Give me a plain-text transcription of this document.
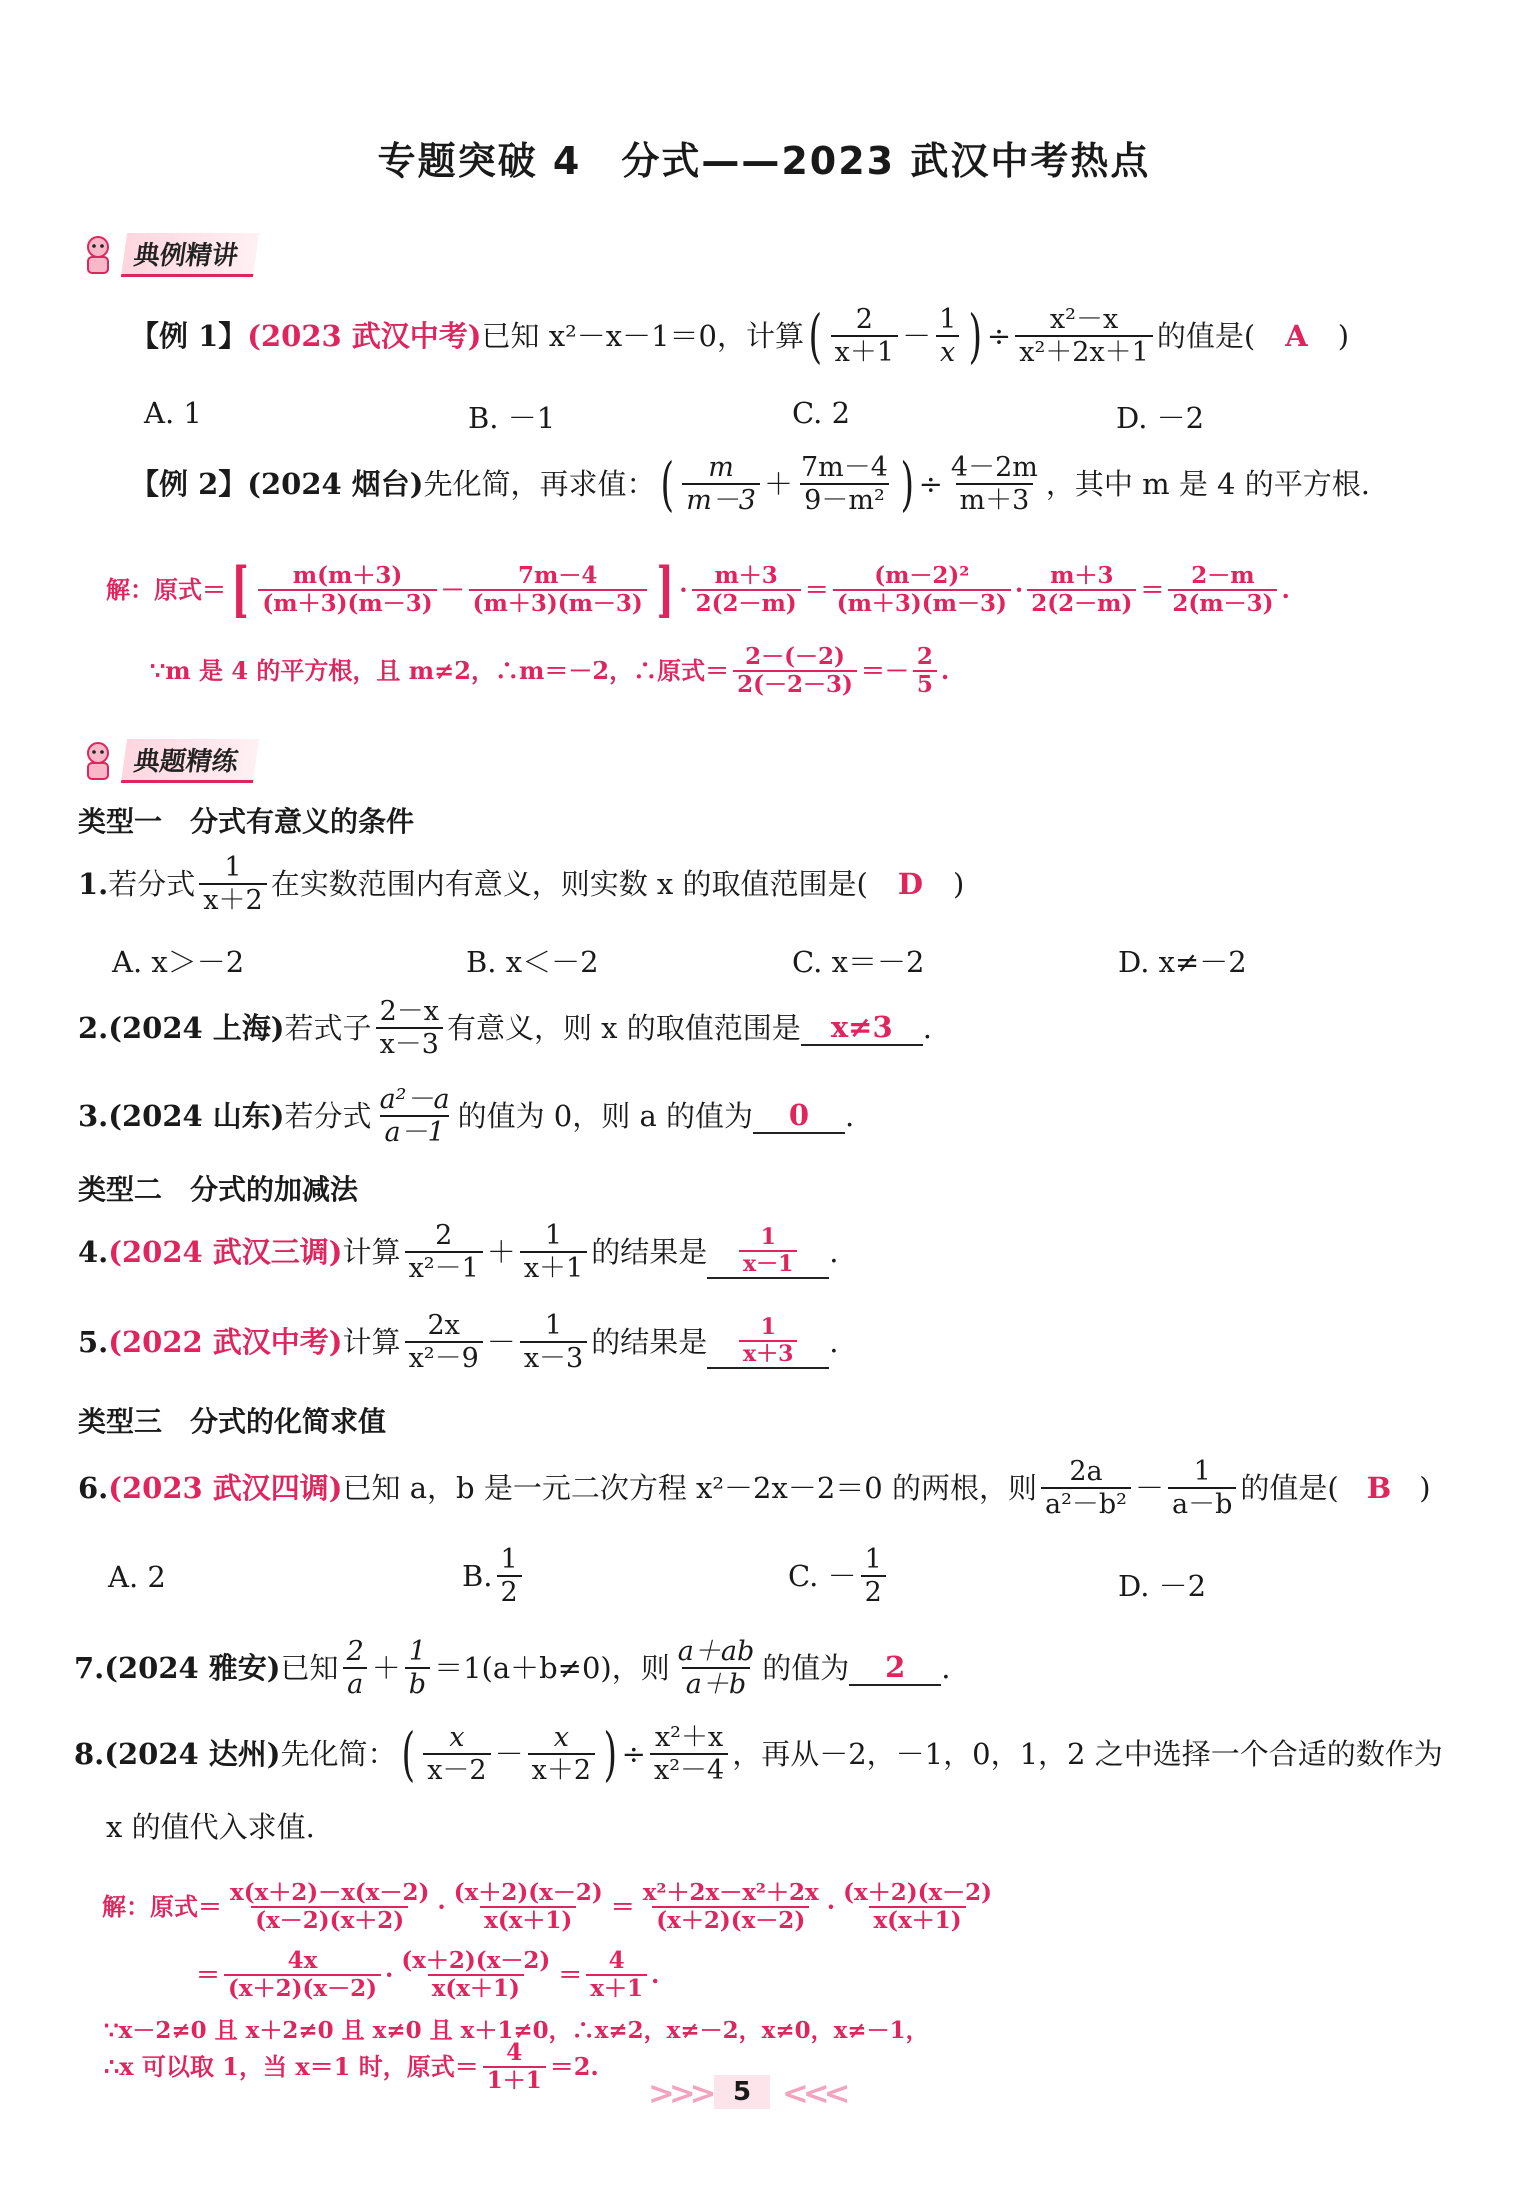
专题突破 4　分式——2023 武汉中考热点
典例精讲
【例 1】 (2023 武汉中考) 已知 x²－x－1＝0，计算 ( $\frac{2}{x+1} - \frac{1}{x}$ ) ÷ $\frac{\text{x²－x}}{\text{x²＋2x＋1}}$ 的值是( A )
A. 1	B. －1	C. 2	D. －2
【例 2】 (2024 烟台) 先化简，再求值： ( $\frac{m}{m-3} + \frac{7m-4}{\text{9－m²}}$ ) ÷ $\frac{4-2m}{m+3}$ ，其中 m 是 4 的平方根.
解：原式＝ [ $\frac{m(m+3)}{(m+3)(m-3)} - \frac{7m-4}{(m+3)(m-3)}$ ] · $\frac{m+3}{2(2-m)} = \frac{\text{(m－2)²}}{(m+3)(m-3)} \cdot \frac{m+3}{2(2-m)} = \frac{2-m}{2(m-3)}$ .
∵m 是 4 的平方根，且 m≠2，∴m＝－2，∴原式＝ $\frac{2-(-2)}{2(-2-3)} =- \frac{2}{5}$ .
典题精练
类型一　分式有意义的条件
1. 若分式 $\frac{1}{x+2}$ 在实数范围内有意义，则实数 x 的取值范围是( D )
A. x＞－2	B. x＜－2	C. x＝－2	D. x≠－2
2. (2024 上海) 若式子 $\frac{2-x}{x-3}$ 有意义，则 x 的取值范围是	x≠3	.
3. (2024 山东) 若分式 $\frac{\text{a²－a}}{a-1}$ 的值为 0，则 a 的值为	0	.
类型二　分式的加减法
4. (2024 武汉三调) 计算 $\frac{2}{\text{x²－1}} + \frac{1}{x+1}$ 的结果是 $\frac{1}{x-1}$ .
5. (2022 武汉中考) 计算 $\frac{2x}{\text{x²－9}} - \frac{1}{x-3}$ 的结果是 $\frac{1}{x+3}$ .
类型三　分式的化简求值
6. (2023 武汉四调) 已知 a，b 是一元二次方程 x²－2x－2＝0 的两根，则 $\frac{2a}{\text{a²－b²}} - \frac{1}{a-b}$ 的值是( B )
A. 2	B. $\frac{1}{2}$	C. － $\frac{1}{2}$	D. －2
7. (2024 雅安) 已知 $\frac{2}{a} + \frac{1}{b} =1(a+b\ne 0)$，则 $\frac{a+ab}{a+b}$ 的值为	2	.
8. (2024 达州) 先化简： ( $\frac{x}{x-2} - \frac{x}{x+2}$ ) ÷ $\frac{\text{x²＋x}}{\text{x²－4}}$ ，再从－2，－1，0，1，2 之中选择一个合适的数作为
x 的值代入求值.
解：原式＝ $\frac{x(x+2)-x(x-2)}{(x-2)(x+2)} \cdot \frac{(x+2)(x-2)}{x(x+1)} = \frac{\text{x²＋2x－x²＋2x}}{(x+2)(x-2)} \cdot \frac{(x+2)(x-2)}{x(x+1)}$
＝ $\frac{4x}{(x+2)(x-2)} \cdot \frac{(x+2)(x-2)}{x(x+1)} = \frac{4}{x+1}$ .
∵x－2≠0 且 x＋2≠0 且 x≠0 且 x＋1≠0，∴x≠2，x≠－2，x≠0，x≠－1，
∴x 可以取 1，当 x＝1 时，原式＝ $\frac{4}{1+1} =2$.
>>> 5 <<<
